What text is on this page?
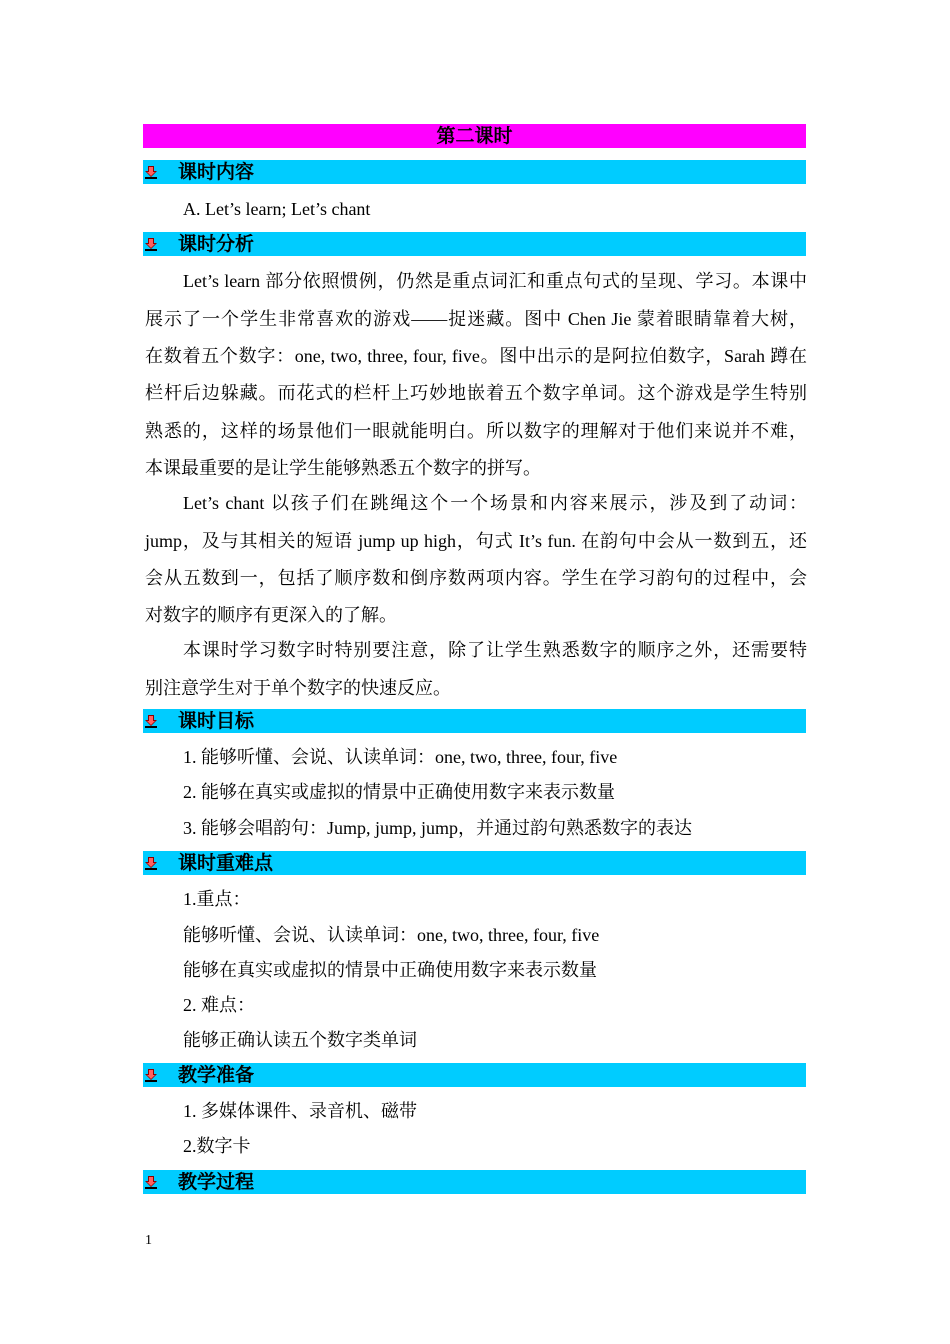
第二课时
课时内容
A. Let’s learn; Let’s chant
课时分析
Let’s learn 部分依照惯例，仍然是重点词汇和重点句式的呈现、学习。本课中
展示了一个学生非常喜欢的游戏——捉迷藏。图中 Chen Jie 蒙着眼睛靠着大树，
在数着五个数字：one, two, three, four, five。图中出示的是阿拉伯数字，Sarah 蹲在
栏杆后边躲藏。而花式的栏杆上巧妙地嵌着五个数字单词。这个游戏是学生特别
熟悉的，这样的场景他们一眼就能明白。所以数字的理解对于他们来说并不难，
本课最重要的是让学生能够熟悉五个数字的拼写。
Let’s chant 以孩子们在跳绳这个一个场景和内容来展示，涉及到了动词：
jump，及与其相关的短语 jump up high，句式 It’s fun. 在韵句中会从一数到五，还
会从五数到一，包括了顺序数和倒序数两项内容。学生在学习韵句的过程中，会
对数字的顺序有更深入的了解。
本课时学习数字时特别要注意，除了让学生熟悉数字的顺序之外，还需要特
别注意学生对于单个数字的快速反应。
课时目标
1. 能够听懂、会说、认读单词：one, two, three, four, five
2. 能够在真实或虚拟的情景中正确使用数字来表示数量
3. 能够会唱韵句：Jump, jump, jump，并通过韵句熟悉数字的表达
课时重难点
1.重点：
能够听懂、会说、认读单词：one, two, three, four, five
能够在真实或虚拟的情景中正确使用数字来表示数量
2. 难点：
能够正确认读五个数字类单词
教学准备
1. 多媒体课件、录音机、磁带
2.数字卡
教学过程
1
